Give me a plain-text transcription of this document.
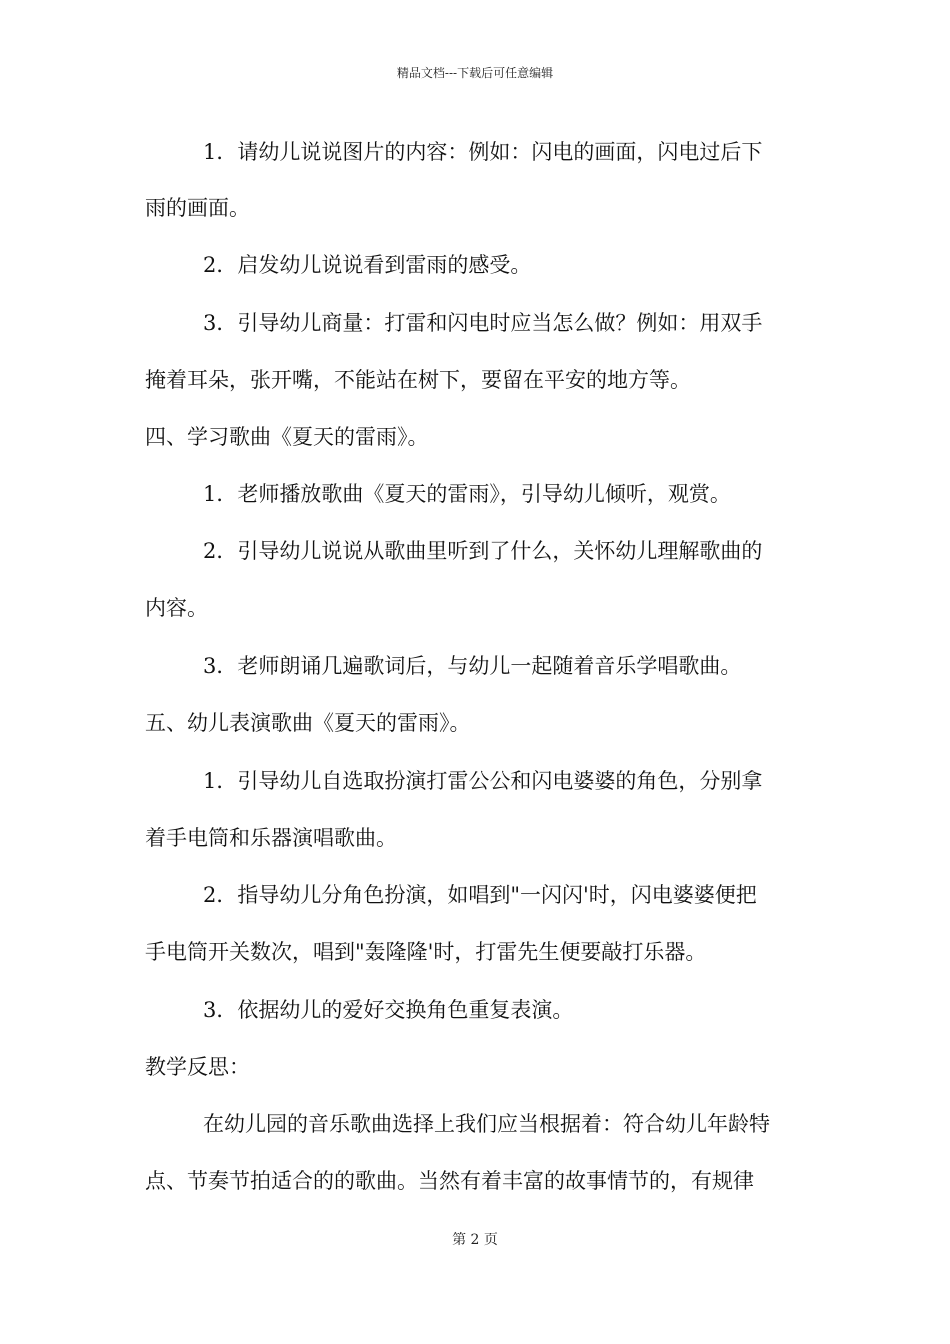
精品文档---下载后可任意编辑
1．请幼儿说说图片的内容：例如：闪电的画面，闪电过后下
雨的画面。
2．启发幼儿说说看到雷雨的感受。
3．引导幼儿商量：打雷和闪电时应当怎么做？例如：用双手
掩着耳朵，张开嘴，不能站在树下，要留在平安的地方等。
四、学习歌曲《夏天的雷雨》。
1．老师播放歌曲《夏天的雷雨》，引导幼儿倾听，观赏。
2．引导幼儿说说从歌曲里听到了什么，关怀幼儿理解歌曲的
内容。
3．老师朗诵几遍歌词后，与幼儿一起随着音乐学唱歌曲。
五、幼儿表演歌曲《夏天的雷雨》。
1．引导幼儿自选取扮演打雷公公和闪电婆婆的角色，分别拿
着手电筒和乐器演唱歌曲。
2．指导幼儿分角色扮演，如唱到"一闪闪'时，闪电婆婆便把
手电筒开关数次，唱到"轰隆隆'时，打雷先生便要敲打乐器。
3．依据幼儿的爱好交换角色重复表演。
教学反思：
在幼儿园的音乐歌曲选择上我们应当根据着：符合幼儿年龄特
点、节奏节拍适合的的歌曲。当然有着丰富的故事情节的，有规律
第 2 页
